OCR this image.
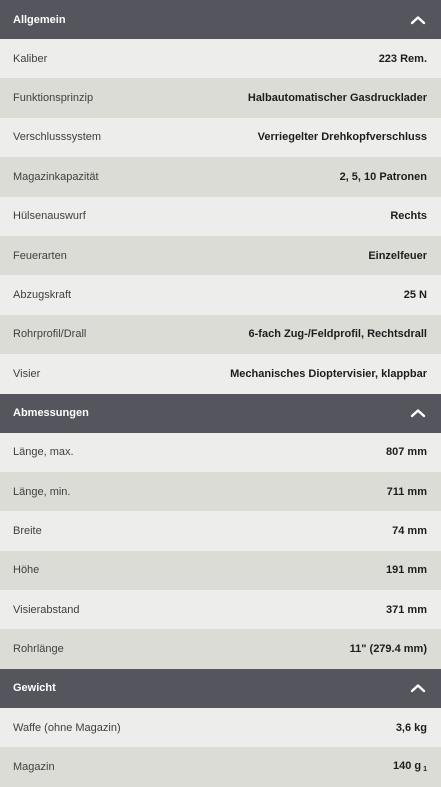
Allgemein
Kaliber	223 Rem.
Funktionsprinzip	Halbautomatischer Gasdrucklader
Verschlusssystem	Verriegelter Drehkopfverschluss
Magazinkapazität	2, 5, 10 Patronen
Hülsenauswurf	Rechts
Feuerarten	Einzelfeuer
Abzugskraft	25 N
Rohrprofil/Drall	6-fach Zug-/Feldprofil, Rechtsdrall
Visier	Mechanisches Dioptervisier, klappbar
Abmessungen
Länge, max.	807 mm
Länge, min.	711 mm
Breite	74 mm
Höhe	191 mm
Visierabstand	371 mm
Rohrlänge	11" (279.4 mm)
Gewicht
Waffe (ohne Magazin)	3,6 kg
Magazin	140 g $_1$
